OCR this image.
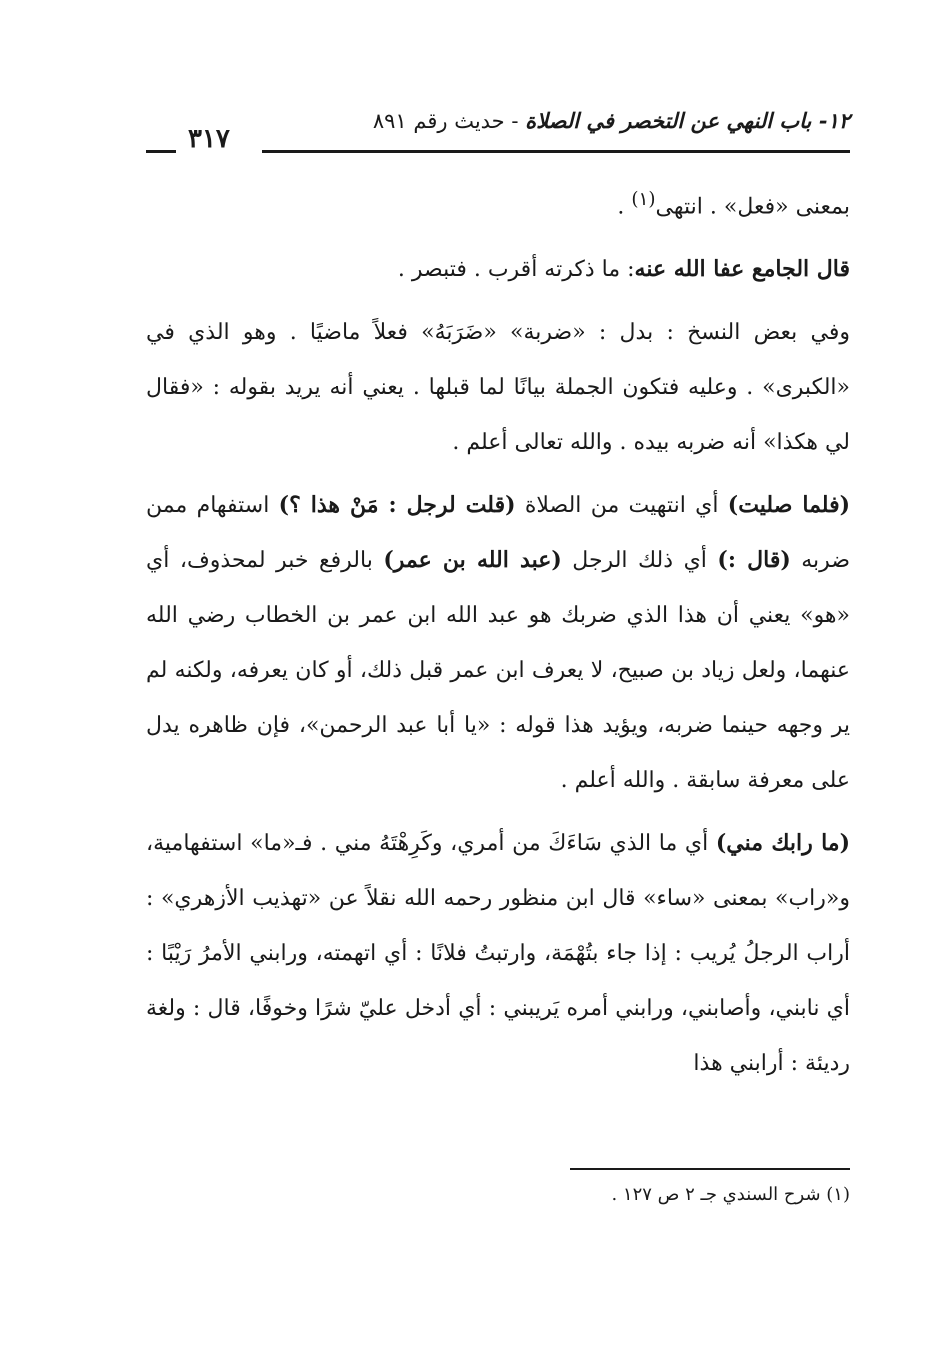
١٢- باب النهي عن التخصر في الصلاة - حديث رقم ٨٩١
٣١٧

بمعنى «فعل» . انتهى$^{(١)}$ .

قال الجامع عفا الله عنه: ما ذكرته أقرب . فتبصر .

وفي بعض النسخ : بدل : «ضربة» «ضَرَبَهُ» فعلاً ماضيًا . وهو الذي في «الكبرى» . وعليه فتكون الجملة بيانًا لما قبلها . يعني أنه يريد بقوله : «فقال لي هكذا» أنه ضربه بيده . والله تعالى أعلم .

(فلما صليت) أي انتهيت من الصلاة (قلت لرجل : مَنْ هذا ؟) استفهام ممن ضربه (قال :) أي ذلك الرجل (عبد الله بن عمر) بالرفع خبر لمحذوف، أي «هو» يعني أن هذا الذي ضربك هو عبد الله ابن عمر بن الخطاب رضي الله عنهما، ولعل زياد بن صبيح، لا يعرف ابن عمر قبل ذلك، أو كان يعرفه، ولكنه لم ير وجهه حينما ضربه، ويؤيد هذا قوله : «يا أبا عبد الرحمن»، فإن ظاهره يدل على معرفة سابقة . والله أعلم .

(ما رابك مني) أي ما الذي سَاءَكَ من أمري، وكَرِهْتَهُ مني . فـ«ما» استفهامية، و«راب» بمعنى «ساء» قال ابن منظور رحمه الله نقلاً عن «تهذيب الأزهري» : أراب الرجلُ يُريب : إذا جاء بتُهْمَة، وارتبتُ فلانًا : أي اتهمته، ورابني الأمرُ رَيْبًا : أي نابني، وأصابني، ورابني أمره يَريبني : أي أدخل عليّ شرًا وخوفًا، قال : ولغة رديئة : أرابني هذا

(١) شرح السندي جـ ٢ ص ١٢٧ .
